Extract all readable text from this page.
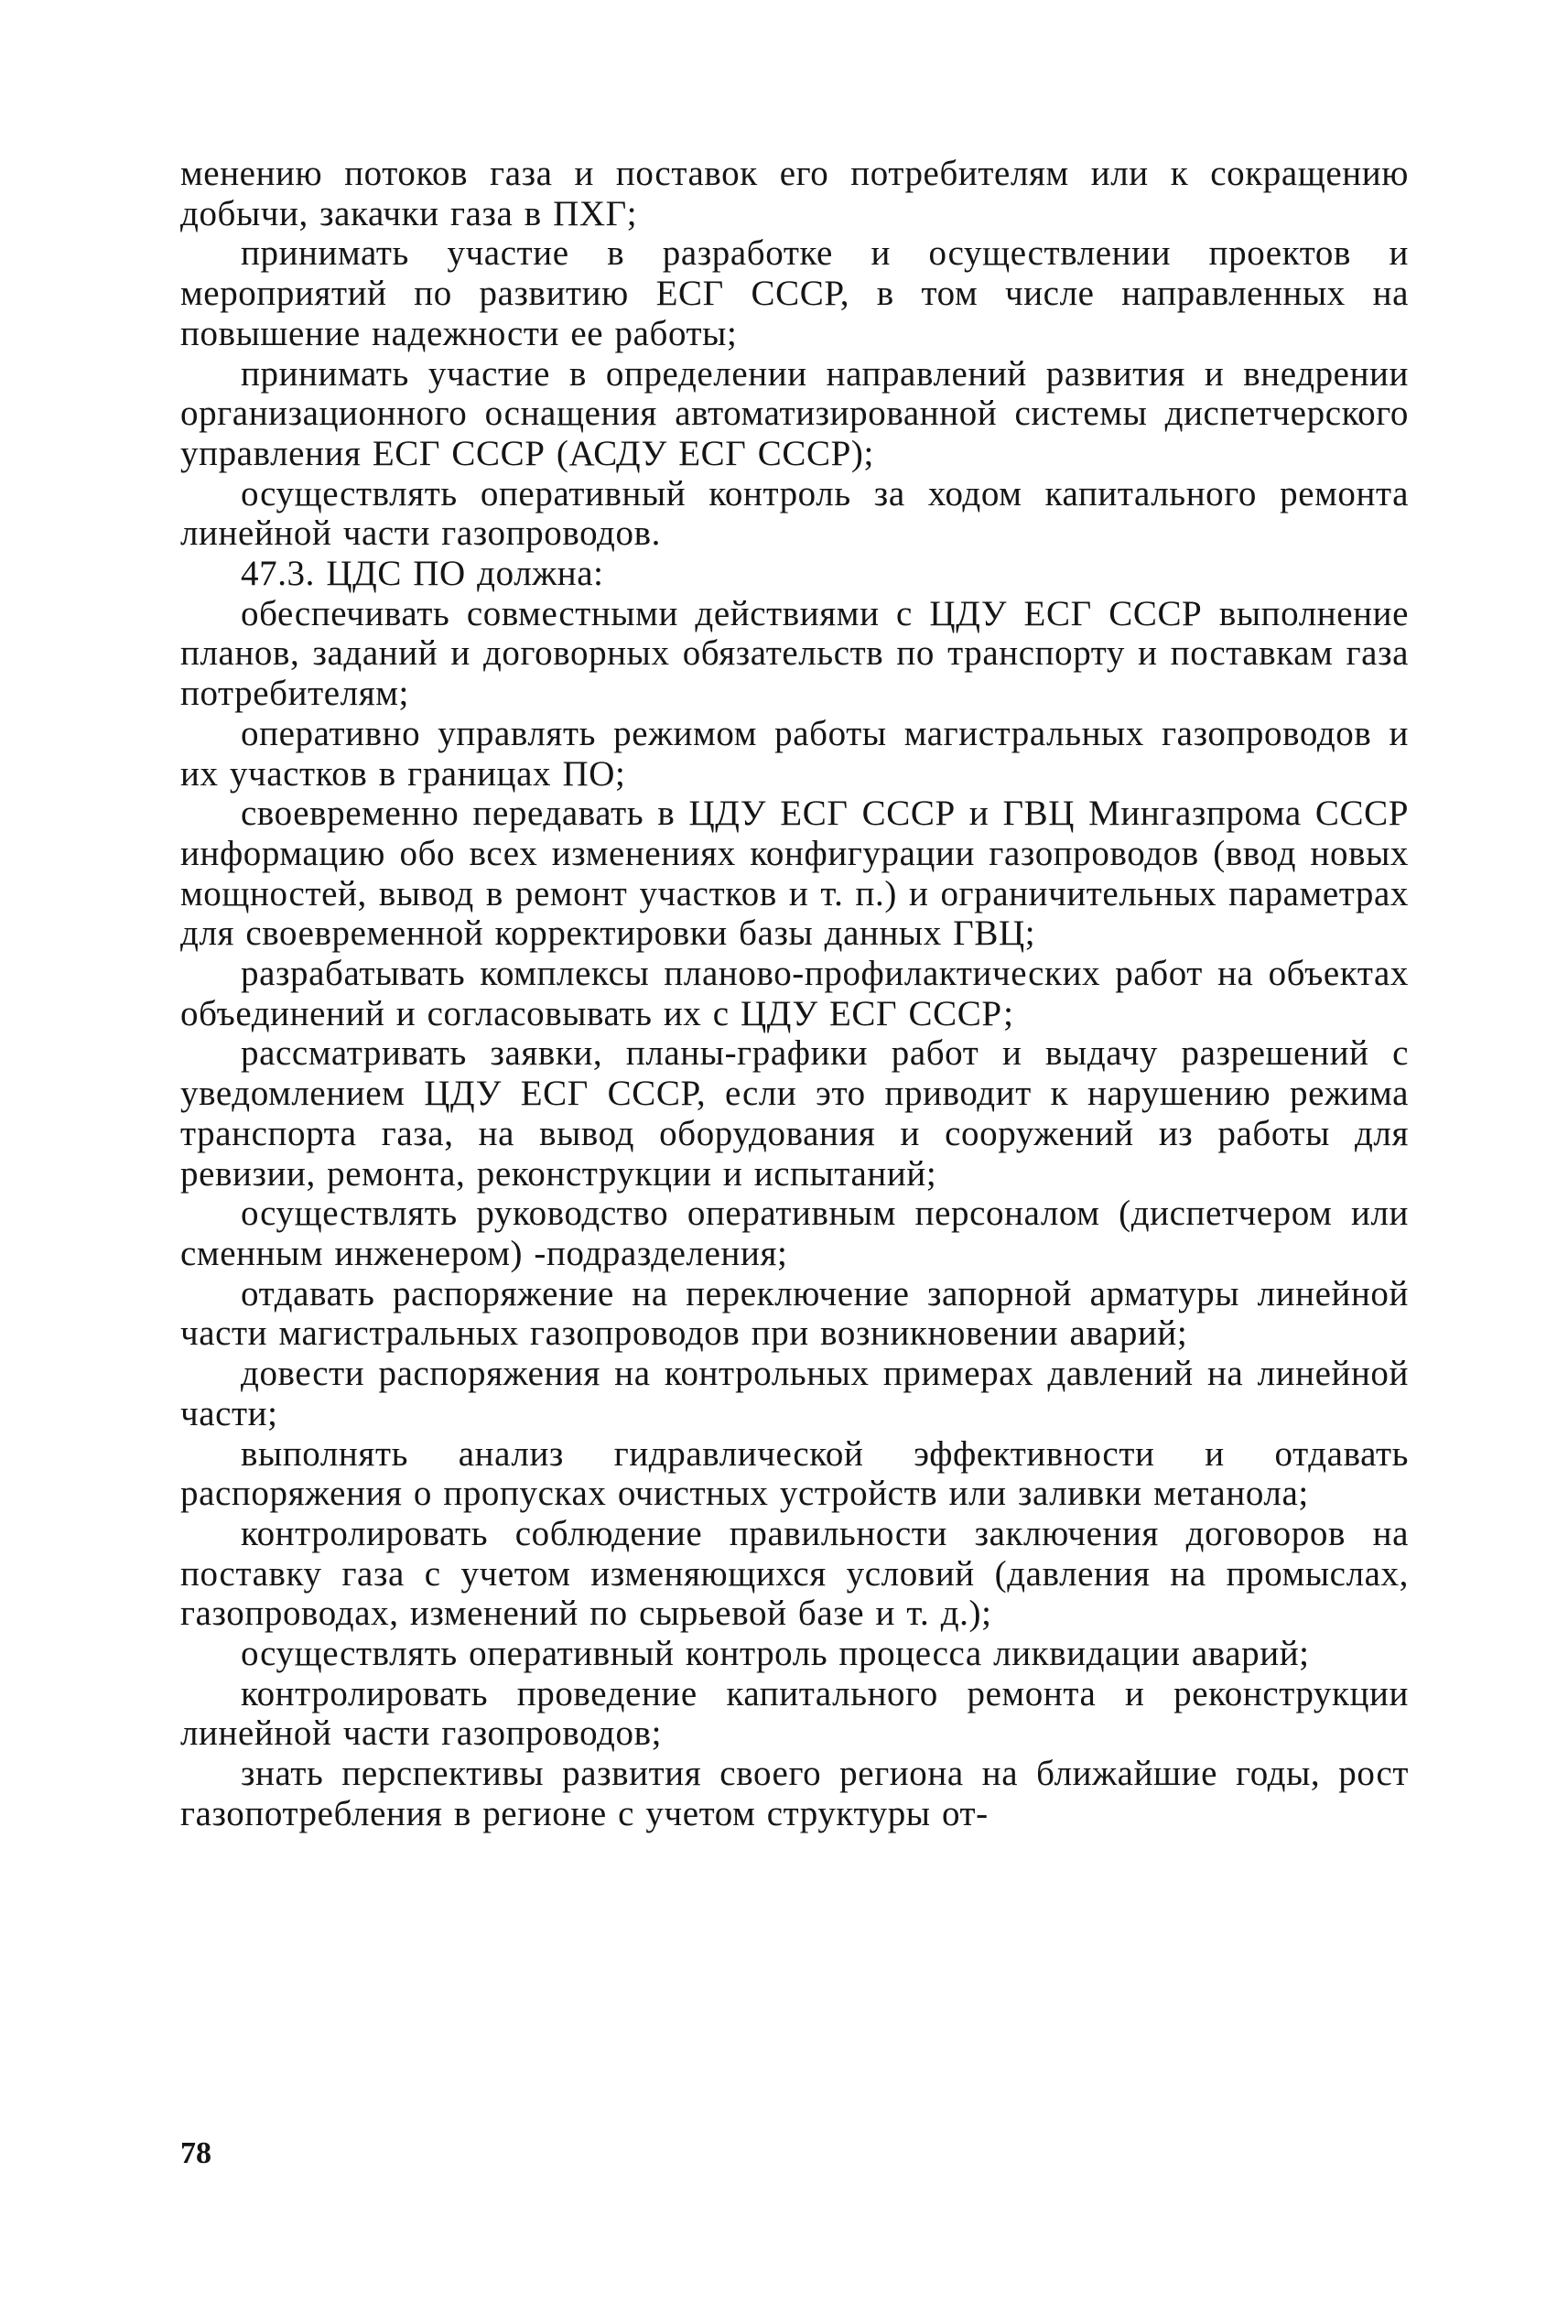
менению потоков газа и поставок его потребителям или к сокращению добычи, закачки газа в ПХГ;

принимать участие в разработке и осуществлении проектов и мероприятий по развитию ЕСГ СССР, в том числе направленных на повышение надежности ее работы;

принимать участие в определении направлений развития и внедрении организационного оснащения автоматизированной системы диспетчерского управления ЕСГ СССР (АСДУ ЕСГ СССР);

осуществлять оперативный контроль за ходом капитального ремонта линейной части газопроводов.

47.3. ЦДС ПО должна:

обеспечивать совместными действиями с ЦДУ ЕСГ СССР выполнение планов, заданий и договорных обязательств по транспорту и поставкам газа потребителям;

оперативно управлять режимом работы магистральных газопроводов и их участков в границах ПО;

своевременно передавать в ЦДУ ЕСГ СССР и ГВЦ Мингазпрома СССР информацию обо всех изменениях конфигурации газопроводов (ввод новых мощностей, вывод в ремонт участков и т. п.) и ограничительных параметрах для своевременной корректировки базы данных ГВЦ;

разрабатывать комплексы планово-профилактических работ на объектах объединений и согласовывать их с ЦДУ ЕСГ СССР;

рассматривать заявки, планы-графики работ и выдачу разрешений с уведомлением ЦДУ ЕСГ СССР, если это приводит к нарушению режима транспорта газа, на вывод оборудования и сооружений из работы для ревизии, ремонта, реконструкции и испытаний;

осуществлять руководство оперативным персоналом (диспетчером или сменным инженером) -подразделения;

отдавать распоряжение на переключение запорной арматуры линейной части магистральных газопроводов при возникновении аварий;

довести распоряжения на контрольных примерах давлений на линейной части;

выполнять анализ гидравлической эффективности и отдавать распоряжения о пропусках очистных устройств или заливки метанола;

контролировать соблюдение правильности заключения договоров на поставку газа с учетом изменяющихся условий (давления на промыслах, газопроводах, изменений по сырьевой базе и т. д.);

осуществлять оперативный контроль процесса ликвидации аварий;

контролировать проведение капитального ремонта и реконструкции линейной части газопроводов;

знать перспективы развития своего региона на ближайшие годы, рост газопотребления в регионе с учетом структуры от-

78
